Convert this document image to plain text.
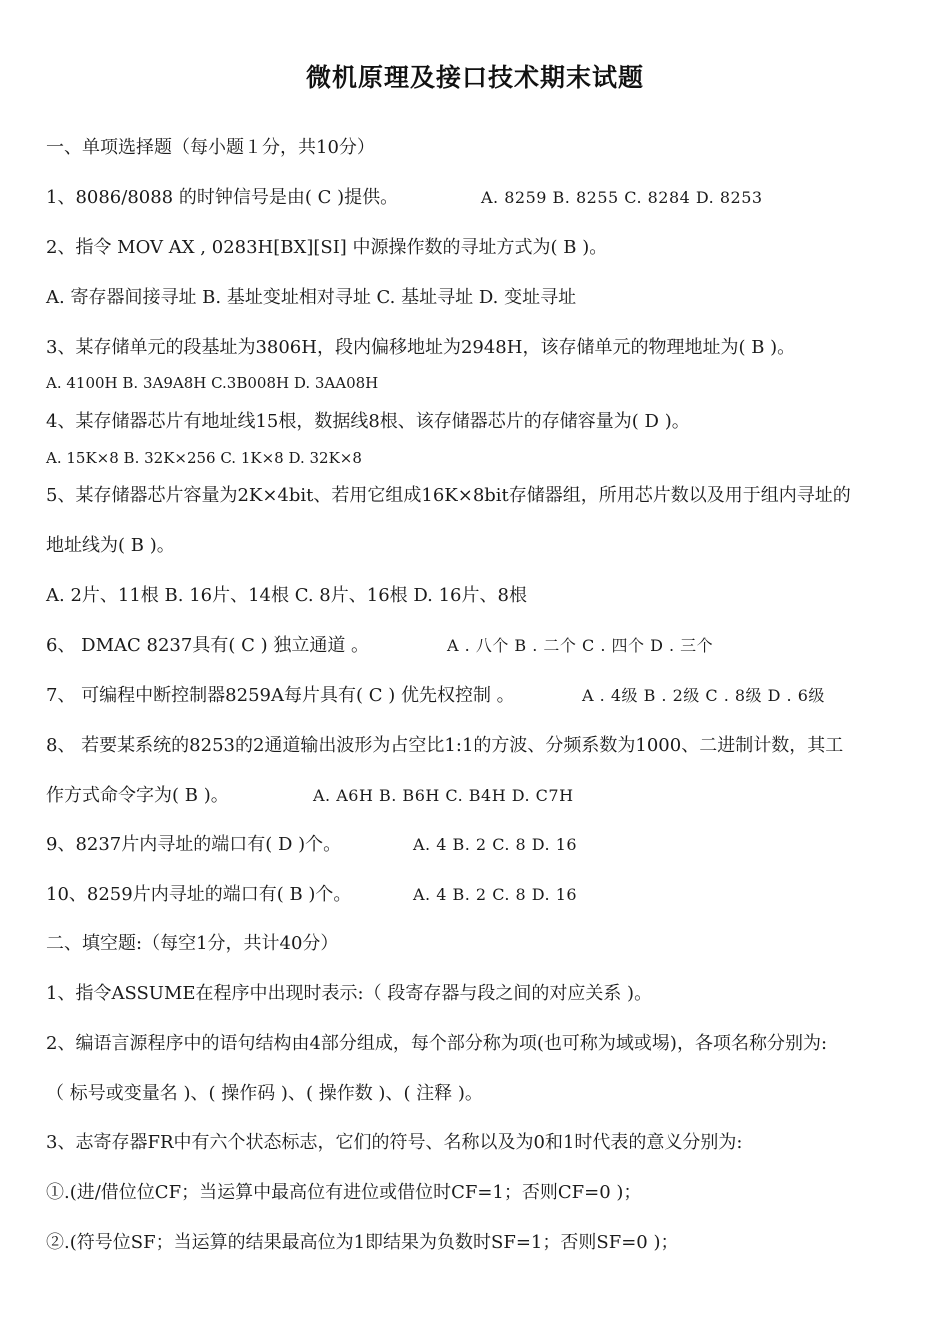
微机原理及接口技术期末试题
一、单项选择题（每小题１分，共10分）
1、8086/8088 的时钟信号是由( C )提供。	A. 8259 B. 8255 C. 8284 D. 8253
2、指令 MOV AX , 0283H[BX][SI] 中源操作数的寻址方式为( B )。
A. 寄存器间接寻址 B. 基址变址相对寻址 C. 基址寻址 D. 变址寻址
3、某存储单元的段基址为3806H，段内偏移地址为2948H，该存储单元的物理地址为( B )。
A. 4100H B. 3A9A8H C.3B008H D. 3AA08H
4、某存储器芯片有地址线15根，数据线8根、该存储器芯片的存储容量为( D )。
A. 15K×8 B. 32K×256 C. 1K×8 D. 32K×8
5、某存储器芯片容量为2K×4bit、若用它组成16K×8bit存储器组，所用芯片数以及用于组内寻址的
地址线为( B )。
A. 2片、11根 B. 16片、14根 C. 8片、16根 D. 16片、8根
6、 DMAC 8237具有( C ) 独立通道 。	A . 八个 B . 二个 C . 四个 D . 三个
7、 可编程中断控制器8259A每片具有( C ) 优先权控制 。	A . 4级 B . 2级 C . 8级 D . 6级
8、 若要某系统的8253的2通道输出波形为占空比1:1的方波、分频系数为1000、二进制计数，其工
作方式命令字为( B )。	A. A6H B. B6H C. B4H D. C7H
9、8237片内寻址的端口有( D )个。	A. 4 B. 2 C. 8 D. 16
10、8259片内寻址的端口有( B )个。	A. 4 B. 2 C. 8 D. 16
二、填空题:（每空1分，共计40分）
1、指令ASSUME在程序中出现时表示:（ 段寄存器与段之间的对应关系 )。
2、编语言源程序中的语句结构由4部分组成，每个部分称为项(也可称为域或埸)，各项名称分别为:
（ 标号或变量名 )、( 操作码 )、( 操作数 )、( 注释 )。
3、志寄存器FR中有六个状态标志，它们的符号、名称以及为0和1时代表的意义分别为:
①.(进/借位位CF；当运算中最高位有进位或借位时CF=1；否则CF=0 )；
②.(符号位SF；当运算的结果最高位为1即结果为负数时SF=1；否则SF=0 )；
